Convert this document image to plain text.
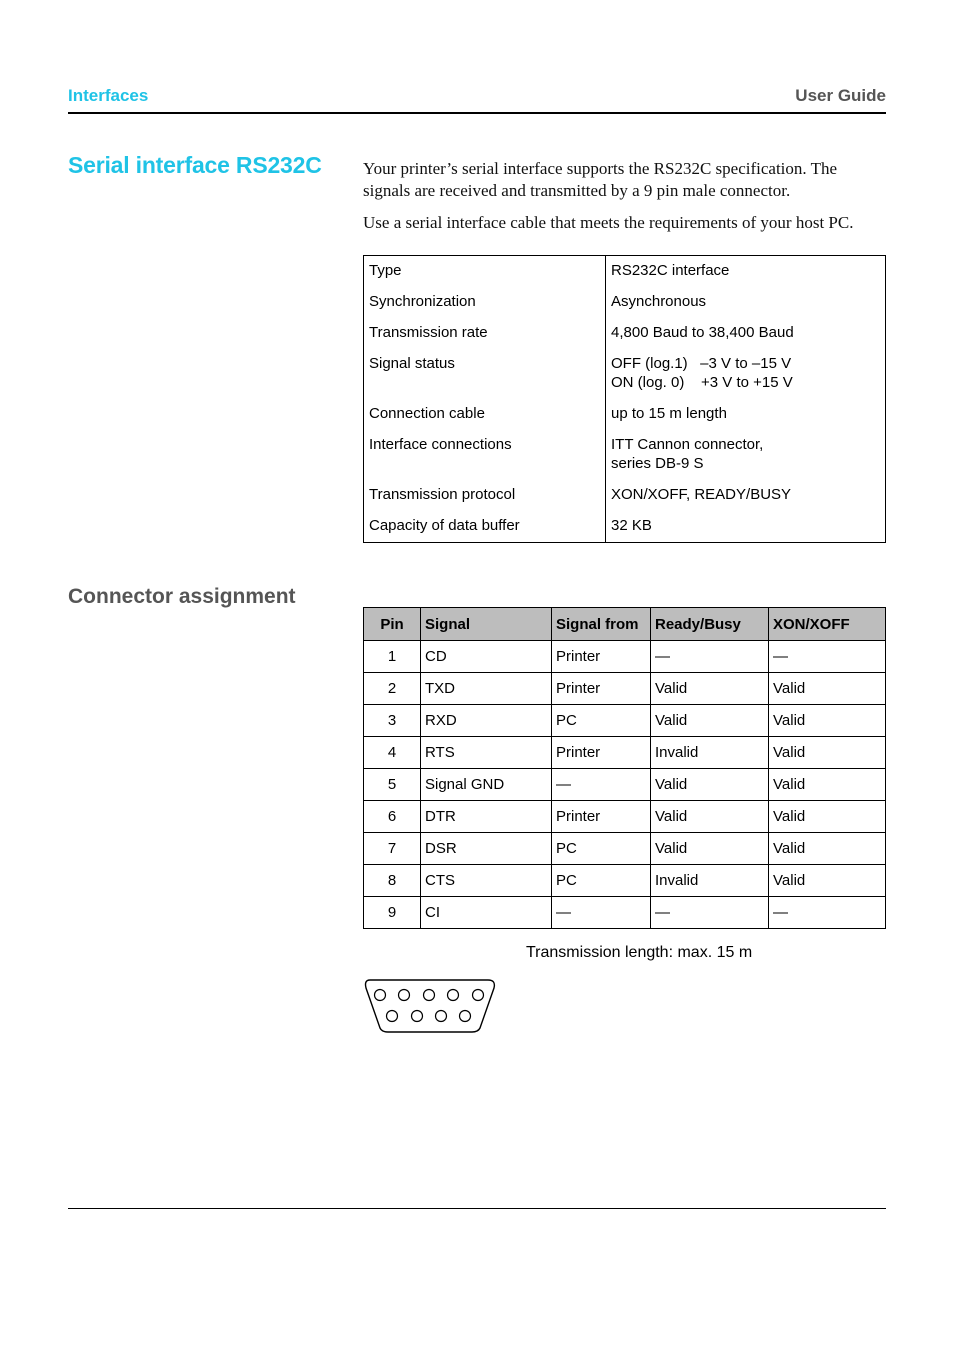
Interfaces	User Guide
Serial interface RS232C Your printer’s serial interface supports the RS232C specification. The signals are received and transmitted by a 9 pin male connector.

Use a serial interface cable that meets the requirements of your host PC.

Type	RS232C interface

Synchronization	Asynchronous

Transmission rate	4,800 Baud to 38,400 Baud

Signal status	OFF (log.1)   –3 V to –15 V
ON (log. 0)    +3 V to +15 V

Connection cable	up to 15 m length

Interface connections	ITT Cannon connector,
series DB-9 S

Transmission protocol	XON/XOFF, READY/BUSY

Capacity of data buffer	32 KB
Connector assignment
Pin	Signal	Signal from	Ready/Busy	XON/XOFF
1	CD	Printer	—	—
2	TXD	Printer	Valid	Valid
3	RXD	PC	Valid	Valid
4	RTS	Printer	Invalid	Valid
5	Signal GND	—	Valid	Valid
6	DTR	Printer	Valid	Valid
7	DSR	PC	Valid	Valid
8	CTS	PC	Invalid	Valid
9	CI	—	—	—
Transmission length: max. 15 m
